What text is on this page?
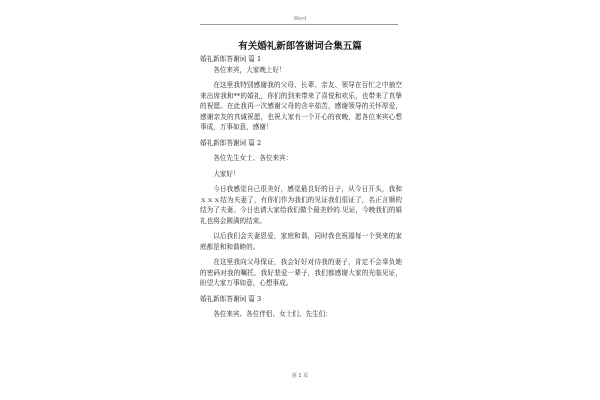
Word
有关婚礼新郎答谢词合集五篇

婚礼新郎答谢词 篇 1

各位来宾，大家晚上好！

在这里我特别感谢我的父母、长辈、亲友、领导在百忙之中抽空来出席我和**的婚礼，你们的到来带来了喜悦和欢乐，也带来了真挚的祝愿。在此我再一次感谢父母的含辛茹苦，感谢领导的关怀厚爱，感谢亲友的真诚祝愿，也祝大家有一个开心的夜晚，愿各位来宾心想事成，万事如意，感谢！

婚礼新郎答谢词 篇 2

各位先生女士、各位来宾：

大家好！

今日我感觉自己很美好，感觉最良好的日子，从今日开头，我和ｘｘｘ结为夫妻了，有你们作为我们的见证我们很证了，名正言顺的结为了夫妻。今日也请大家给我们做个最美妙的.见证，今晚我们的婚礼也将会圆满的结束。

以后我们会夫妻恩爱，家庭和谐，同时我也祝福每一个到来的家庭都是和和谐睦的。

在这里我向父母保证，我会好好对待我的妻子，肯定不会辜负她的密码对我的嘱托，我好悲爱一辈子，我们都感谢大家的光临见证，盼望大家万事如意，心想事成。

婚礼新郎答谢词 篇 3

各位来宾、各位伴侣、女士们、先生们：

第 1 页
